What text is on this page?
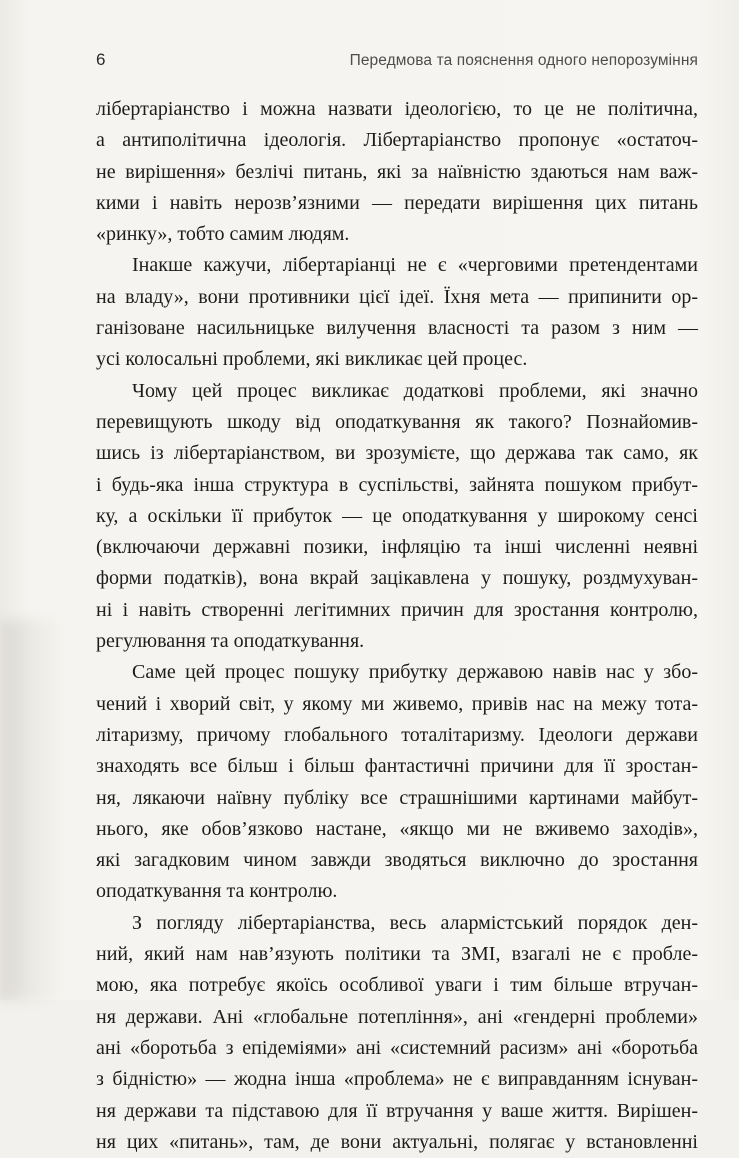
6	Передмова та пояснення одного непорозуміння
лібертаріанство і можна назвати ідеологією, то це не політична,
а антиполітична ідеологія. Лібертаріанство пропонує «остаточ-
не вирішення» безлічі питань, які за наївністю здаються нам важ-
кими і навіть нерозв’язними — передати вирішення цих питань
«ринку», тобто самим людям.
Інакше кажучи, лібертаріанці не є «черговими претендентами
на владу», вони противники цієї ідеї. Їхня мета — припинити ор-
ганізоване насильницьке вилучення власності та разом з ним —
усі колосальні проблеми, які викликає цей процес.
Чому цей процес викликає додаткові проблеми, які значно
перевищують шкоду від оподаткування як такого? Познайомив-
шись із лібертаріанством, ви зрозумієте, що держава так само, як
і будь-яка інша структура в суспільстві, зайнята пошуком прибут-
ку, а оскільки її прибуток — це оподаткування у широкому сенсі
(включаючи державні позики, інфляцію та інші численні неявні
форми податків), вона вкрай зацікавлена у пошуку, роздмухуван-
ні і навіть створенні легітимних причин для зростання контролю,
регулювання та оподаткування.
Саме цей процес пошуку прибутку державою навів нас у збо-
чений і хворий світ, у якому ми живемо, привів нас на межу тота-
літаризму, причому глобального тоталітаризму. Ідеологи держави
знаходять все більш і більш фантастичні причини для її зростан-
ня, лякаючи наївну публіку все страшнішими картинами майбут-
нього, яке обов’язково настане, «якщо ми не вживемо заходів»,
які загадковим чином завжди зводяться виключно до зростання
оподаткування та контролю.
З погляду лібертаріанства, весь алармістський порядок ден-
ний, який нам нав’язують політики та ЗМІ, взагалі не є пробле-
мою, яка потребує якоїсь особливої уваги і тим більше втручан-
ня держави. Ані «глобальне потепління», ані «гендерні проблеми»
ані «боротьба з епідеміями» ані «системний расизм» ані «боротьба
з бідністю» — жодна інша «проблема» не є виправданням існуван-
ня держави та підставою для її втручання у ваше життя. Вирішен-
ня цих «питань», там, де вони актуальні, полягає у встановленні
